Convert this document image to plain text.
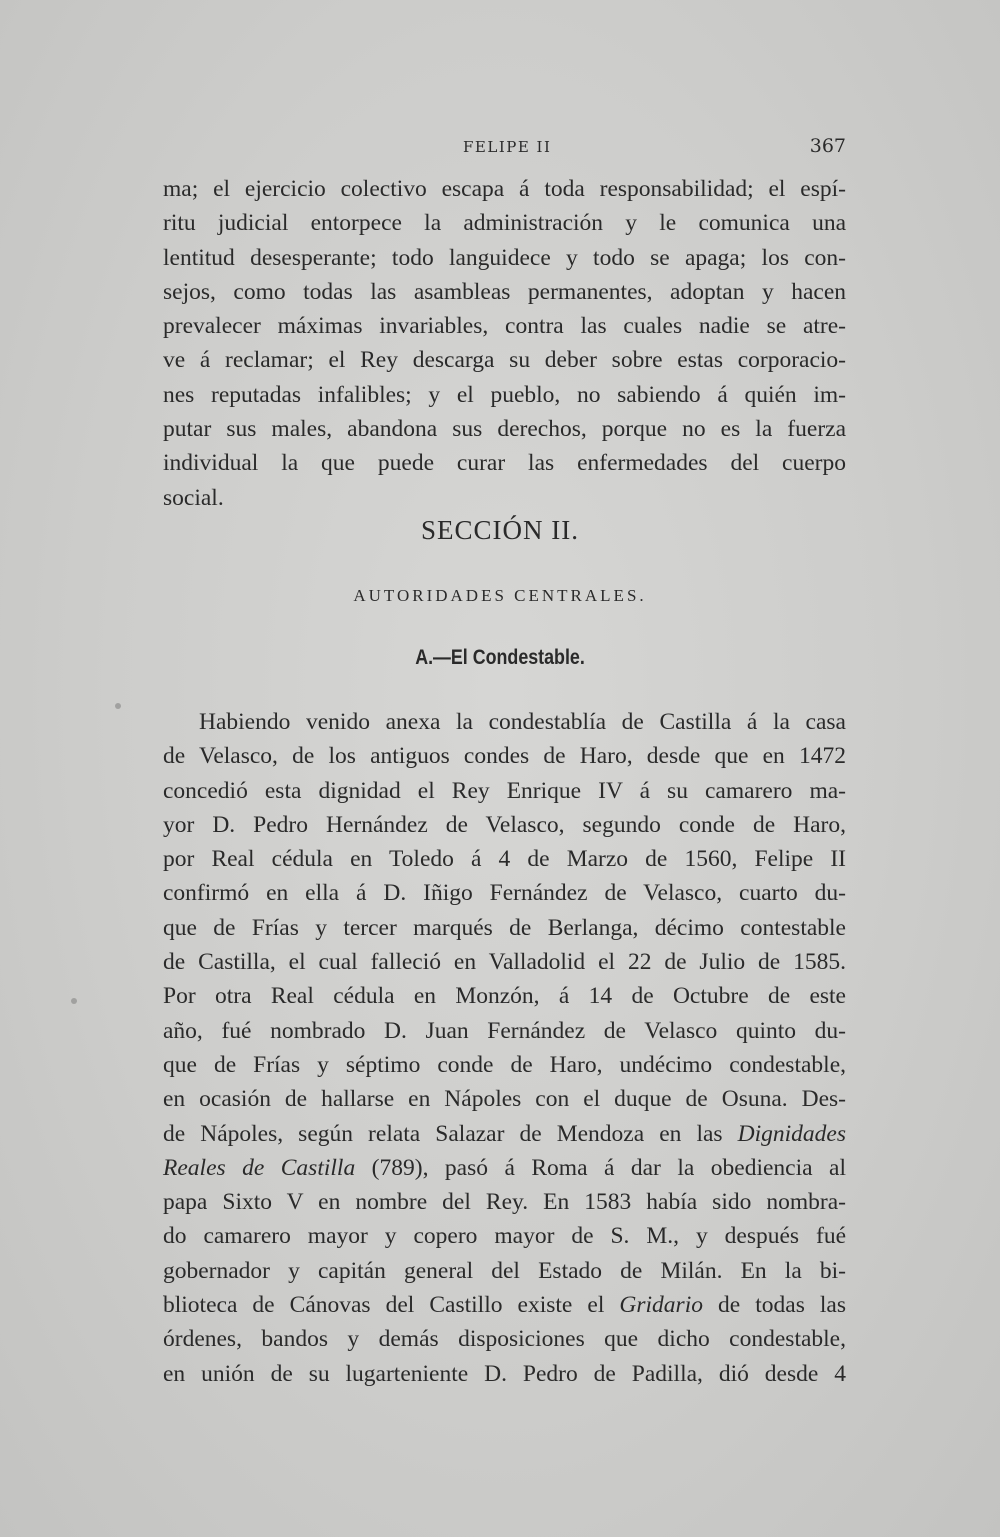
FELIPE II	367
ma; el ejercicio colectivo escapa á toda responsabilidad; el espí-
ritu judicial entorpece la administración y le comunica una
lentitud desesperante; todo languidece y todo se apaga; los con-
sejos, como todas las asambleas permanentes, adoptan y hacen
prevalecer máximas invariables, contra las cuales nadie se atre-
ve á reclamar; el Rey descarga su deber sobre estas corporacio-
nes reputadas infalibles; y el pueblo, no sabiendo á quién im-
putar sus males, abandona sus derechos, porque no es la fuerza
individual la que puede curar las enfermedades del cuerpo
social.
SECCIÓN II.
AUTORIDADES CENTRALES.
A.—El Condestable.
Habiendo venido anexa la condestablía de Castilla á la casa
de Velasco, de los antiguos condes de Haro, desde que en 1472
concedió esta dignidad el Rey Enrique IV á su camarero ma-
yor D. Pedro Hernández de Velasco, segundo conde de Haro,
por Real cédula en Toledo á 4 de Marzo de 1560, Felipe II
confirmó en ella á D. Iñigo Fernández de Velasco, cuarto du-
que de Frías y tercer marqués de Berlanga, décimo contestable
de Castilla, el cual falleció en Valladolid el 22 de Julio de 1585.
Por otra Real cédula en Monzón, á 14 de Octubre de este
año, fué nombrado D. Juan Fernández de Velasco quinto du-
que de Frías y séptimo conde de Haro, undécimo condestable,
en ocasión de hallarse en Nápoles con el duque de Osuna. Des-
de Nápoles, según relata Salazar de Mendoza en las Dignidades
Reales de Castilla (789), pasó á Roma á dar la obediencia al
papa Sixto V en nombre del Rey. En 1583 había sido nombra-
do camarero mayor y copero mayor de S. M., y después fué
gobernador y capitán general del Estado de Milán. En la bi-
blioteca de Cánovas del Castillo existe el Gridario de todas las
órdenes, bandos y demás disposiciones que dicho condestable,
en unión de su lugarteniente D. Pedro de Padilla, dió desde 4
